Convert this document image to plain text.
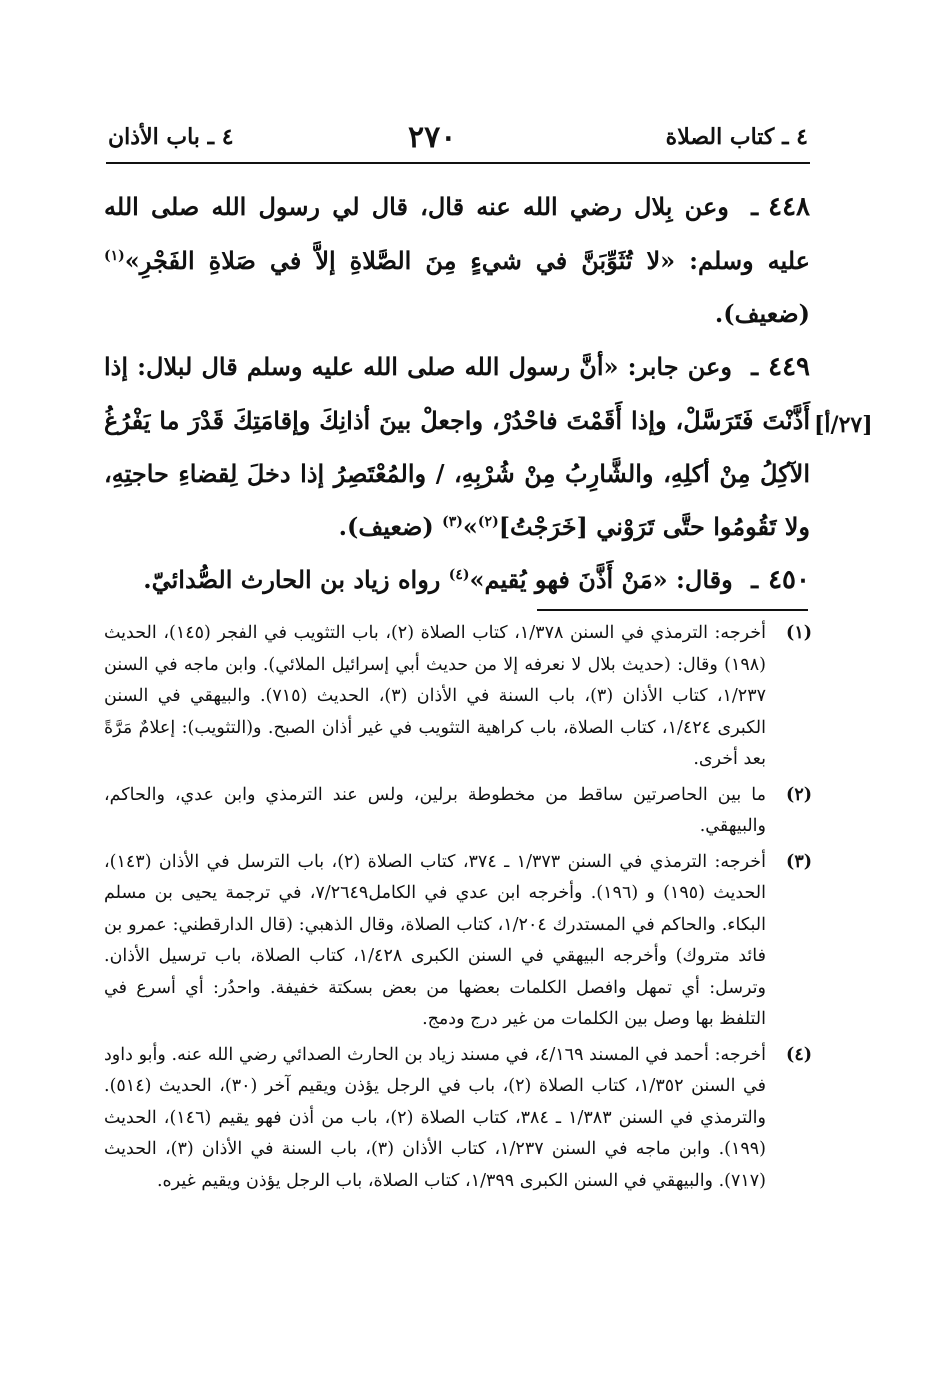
٤ ـ كتاب الصلاة
٢٧٠
٤ ـ باب الأذان
[٢٧/أ]

٤٤٨ـ وعن بِلال رضي الله عنه قال، قال لي رسول الله صلى الله عليه وسلم: «لا تُثَوِّبَنَّ في شيءٍ مِنَ الصَّلاةِ إلاَّ في صَلاةِ الفَجْرِ»$^{(١)}$ (ضعيف).

٤٤٩ـ وعن جابر: «أنَّ رسول الله صلى الله عليه وسلم قال لبلال: إذا أَذَّنْتَ فَتَرَسَّلْ، وإذا أَقَمْتَ فاحْدُرْ، واجعلْ بينَ أذانِكَ وإقامَتِكَ قَدْرَ ما يَفْرُغُ الآكِلُ مِنْ أكلِهِ، والشَّارِبُ مِنْ شُرْبِهِ، / والمُعْتَصِرُ إذا دخلَ لِقضاءِ حاجتِهِ، ولا تَقُومُوا حتَّى تَرَوْني [خَرَجْتُ]$^{(٢)}$»$^{(٣)}$ (ضعيف).

٤٥٠ـ وقال: «مَنْ أَذَّنَ فهو يُقيم»$^{(٤)}$ رواه زياد بن الحارث الصُّدائيّ.

(١)
أخرجه: الترمذي في السنن ١/٣٧٨، كتاب الصلاة (٢)، باب التثويب في الفجر (١٤٥)، الحديث (١٩٨) وقال: (حديث بلال لا نعرفه إلا من حديث أبي إسرائيل الملائي). وابن ماجه في السنن ١/٢٣٧، كتاب الأذان (٣)، باب السنة في الأذان (٣)، الحديث (٧١٥). والبيهقي في السنن الكبرى ١/٤٢٤، كتاب الصلاة، باب كراهية التثويب في غير أذان الصبح. و(التثويب): إعلامٌ مَرَّةً بعد أخرى.
(٢)
ما بين الحاصرتين ساقط من مخطوطة برلين، ولس عند الترمذي وابن عدي، والحاكم، والبيهقي.
(٣)
أخرجه: الترمذي في السنن ١/٣٧٣ ـ ٣٧٤، كتاب الصلاة (٢)، باب الترسل في الأذان (١٤٣)، الحديث (١٩٥) و (١٩٦). وأخرجه ابن عدي في الكامل٧/٢٦٤٩، في ترجمة يحيى بن مسلم البكاء. والحاكم في المستدرك ١/٢٠٤، كتاب الصلاة، وقال الذهبي: (قال الدارقطني: عمرو بن فائد متروك) وأخرجه البيهقي في السنن الكبرى ١/٤٢٨، كتاب الصلاة، باب ترسيل الأذان. وترسل: أي تمهل وافصل الكلمات بعضها من بعض بسكتة خفيفة. واحدُر: أي أسرع في التلفظ بها وصل بين الكلمات من غير درج ودمج.
(٤)
أخرجه: أحمد في المسند ٤/١٦٩، في مسند زياد بن الحارث الصدائي رضي الله عنه. وأبو داود في السنن ١/٣٥٢، كتاب الصلاة (٢)، باب في الرجل يؤذن ويقيم آخر (٣٠)، الحديث (٥١٤). والترمذي في السنن ١/٣٨٣ ـ ٣٨٤، كتاب الصلاة (٢)، باب من أذن فهو يقيم (١٤٦)، الحديث (١٩٩). وابن ماجه في السنن ١/٢٣٧، كتاب الأذان (٣)، باب السنة في الأذان (٣)، الحديث (٧١٧). والبيهقي في السنن الكبرى ١/٣٩٩، كتاب الصلاة، باب الرجل يؤذن ويقيم غيره.
